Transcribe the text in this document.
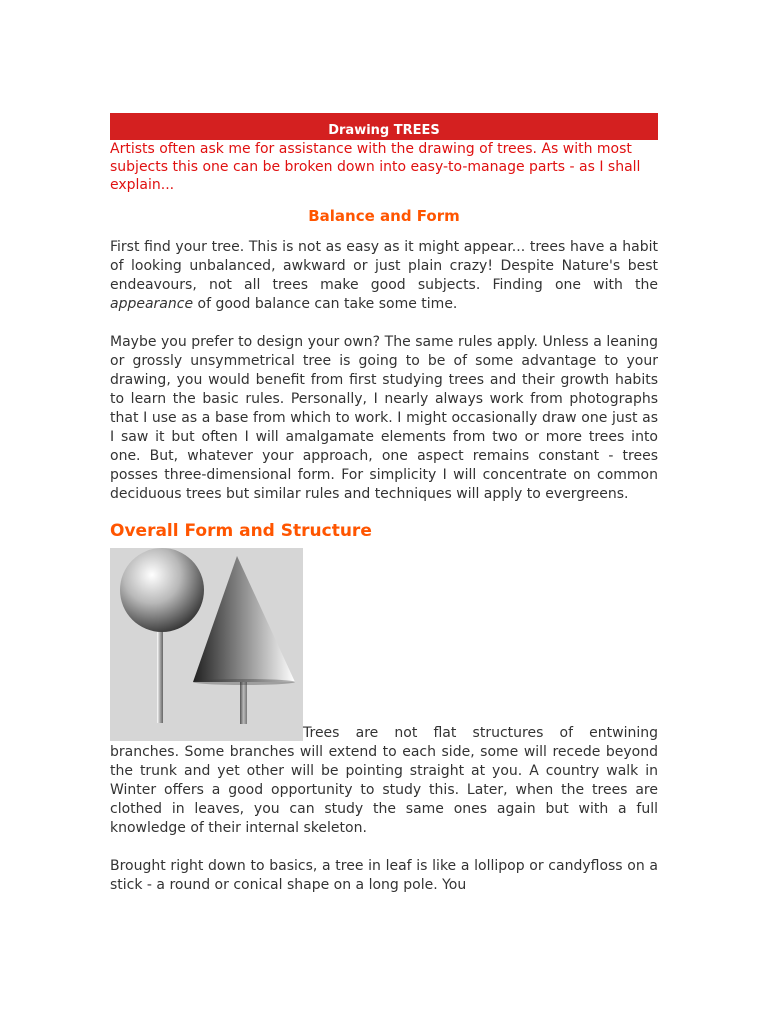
Drawing TREES

Artists often ask me for assistance with the drawing of trees. As with most subjects this one can be broken down into easy-to-manage parts - as I shall explain...

Balance and Form

First find your tree. This is not as easy as it might appear... trees have a habit of looking unbalanced, awkward or just plain crazy! Despite Nature's best endeavours, not all trees make good subjects. Finding one with the appearance of good balance can take some time.

Maybe you prefer to design your own? The same rules apply. Unless a leaning or grossly unsymmetrical tree is going to be of some advantage to your drawing, you would benefit from first studying trees and their growth habits to learn the basic rules. Personally, I nearly always work from photographs that I use as a base from which to work. I might occasionally draw one just as I saw it but often I will amalgamate elements from two or more trees into one. But, whatever your approach, one aspect remains constant - trees posses three-dimensional form. For simplicity I will concentrate on common deciduous trees but similar rules and techniques will apply to evergreens.

Overall Form and Structure

Trees are not flat structures of entwining branches. Some branches will extend to each side, some will recede beyond the trunk and yet other will be pointing straight at you. A country walk in Winter offers a good opportunity to study this. Later, when the trees are clothed in leaves, you can study the same ones again but with a full knowledge of their internal skeleton.

Brought right down to basics, a tree in leaf is like a lollipop or candyfloss on a stick - a round or conical shape on a long pole. You
